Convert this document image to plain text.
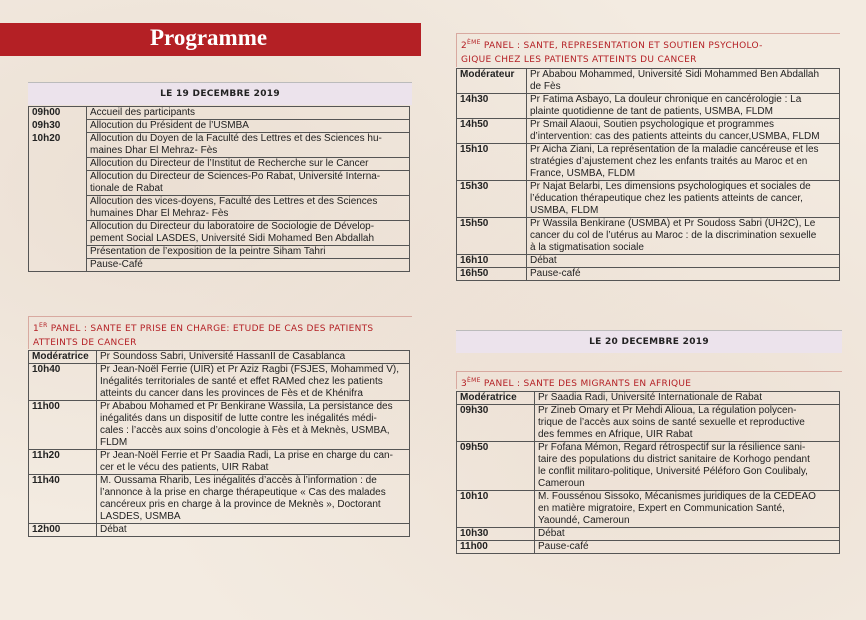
Programme
LE 19 DECEMBRE 2019
09h00	Accueil des participants
09h30	Allocution du Président de l’USMBA
10h20	Allocution du Doyen de la Faculté des Lettres et des Sciences hu-
maines Dhar El Mehraz- Fès
	Allocution du Directeur de l’Institut de Recherche sur le Cancer
	Allocution du Directeur de Sciences-Po Rabat, Université Interna-
tionale de Rabat
	Allocution des vices-doyens, Faculté des Lettres et des Sciences
humaines Dhar El Mehraz- Fès
	Allocution du Directeur du laboratoire de Sociologie de Dévelop-
pement Social LASDES, Université Sidi Mohamed Ben Abdallah
	Présentation de l’exposition de la peintre Siham Tahri
	Pause-Café
1ER PANEL : SANTE ET PRISE EN CHARGE: ETUDE DE CAS DES PATIENTS
ATTEINTS DE CANCER
Modératrice	Pr Soundoss Sabri, Université HassanII de Casablanca
10h40	Pr Jean-Noël Ferrie (UIR) et Pr Aziz Ragbi (FSJES, Mohammed V),
Inégalités territoriales de santé et effet RAMed chez les patients
atteints du cancer dans les provinces de Fès et de Khénifra
11h00	Pr Ababou Mohamed et Pr Benkirane Wassila, La persistance des
inégalités dans un dispositif de lutte contre les inégalités médi-
cales : l’accès aux soins d’oncologie à Fès et à Meknès, USMBA,
FLDM
11h20	Pr Jean-Noël Ferrie et Pr Saadia Radi, La prise en charge du can-
cer et le vécu des patients, UIR Rabat
11h40	M. Oussama Rharib, Les inégalités d’accès à l’information : de
l’annonce à la prise en charge thérapeutique « Cas des malades
cancéreux pris en charge à la province de Meknès », Doctorant
LASDES, USMBA
12h00	Débat
2ÈME PANEL : SANTE, REPRESENTATION ET SOUTIEN PSYCHOLO-
GIQUE CHEZ LES PATIENTS ATTEINTS DU CANCER
Modérateur	Pr Ababou Mohammed, Université Sidi Mohammed Ben Abdallah
de Fès
14h30	Pr Fatima Asbayo, La douleur chronique en cancérologie : La
plainte quotidienne de tant de patients, USMBA, FLDM
14h50	Pr Smail Alaoui, Soutien psychologique et programmes
d’intervention: cas des patients atteints du cancer,USMBA, FLDM
15h10	Pr Aicha Ziani, La représentation de la maladie cancéreuse et les
stratégies d’ajustement chez les enfants traités au Maroc et en
France, USMBA, FLDM
15h30	Pr Najat Belarbi, Les dimensions psychologiques et sociales de
l’éducation thérapeutique chez les patients atteints de cancer,
USMBA, FLDM
15h50	Pr Wassila Benkirane (USMBA) et Pr Soudoss Sabri (UH2C), Le
cancer du col de l’utérus au Maroc : de la discrimination sexuelle
à la stigmatisation sociale
16h10	Débat
16h50	Pause-café
LE 20 DECEMBRE 2019
3ÈME PANEL : SANTE DES MIGRANTS EN AFRIQUE
Modératrice	Pr Saadia Radi, Université Internationale de Rabat
09h30	Pr Zineb Omary et Pr Mehdi Alioua, La régulation polycen-
trique de l’accès aux soins de santé sexuelle et reproductive
des femmes en Afrique, UIR Rabat
09h50	Pr Fofana Mémon, Regard rétrospectif sur la résilience sani-
taire des populations du district sanitaire de Korhogo pendant
le conflit militaro-politique, Université Péléforo Gon Coulibaly,
Cameroun
10h10	M. Fousséno​u Sissoko, Mécanismes juridiques de la CEDEAO
en matière migratoire, Expert en Communication Santé,
Yaoundé, Cameroun
10h30	Débat
11h00	Pause-café
